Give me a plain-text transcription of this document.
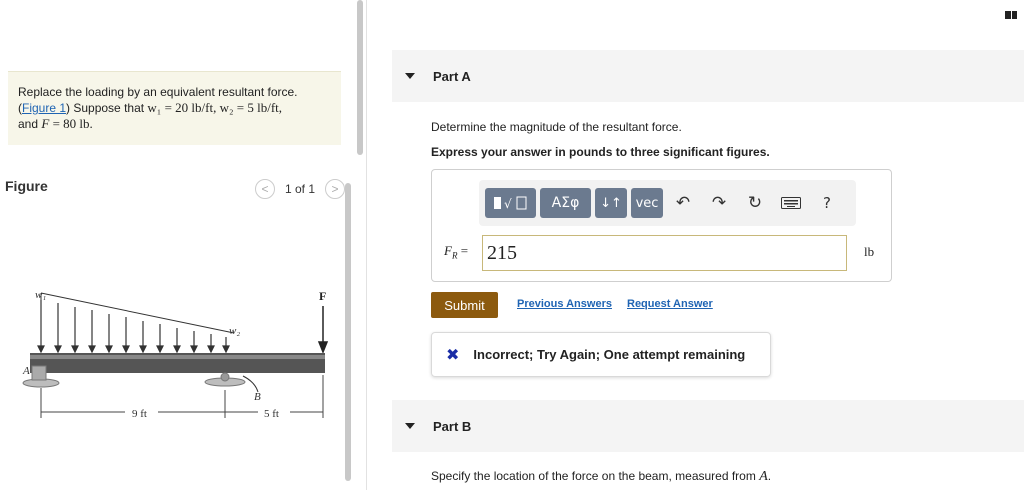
Replace the loading by an equivalent resultant force.
(Figure 1) Suppose that w₁ = 20 lb/ft, w₂ = 5 lb/ft,
and F = 80 lb.
Figure	<	1 of 1	>
w₁
w₂
F
A
B
9 ft	5 ft
Part A
Determine the magnitude of the resultant force.
Express your answer in pounds to three significant figures.
√	ΑΣφ	↓↑	vec	↶	↷	↻	?
$F_R = 215$	lb
Submit	Previous Answers Request Answer
✖ Incorrect; Try Again; One attempt remaining
Part B
Specify the location of the force on the beam, measured from A.
